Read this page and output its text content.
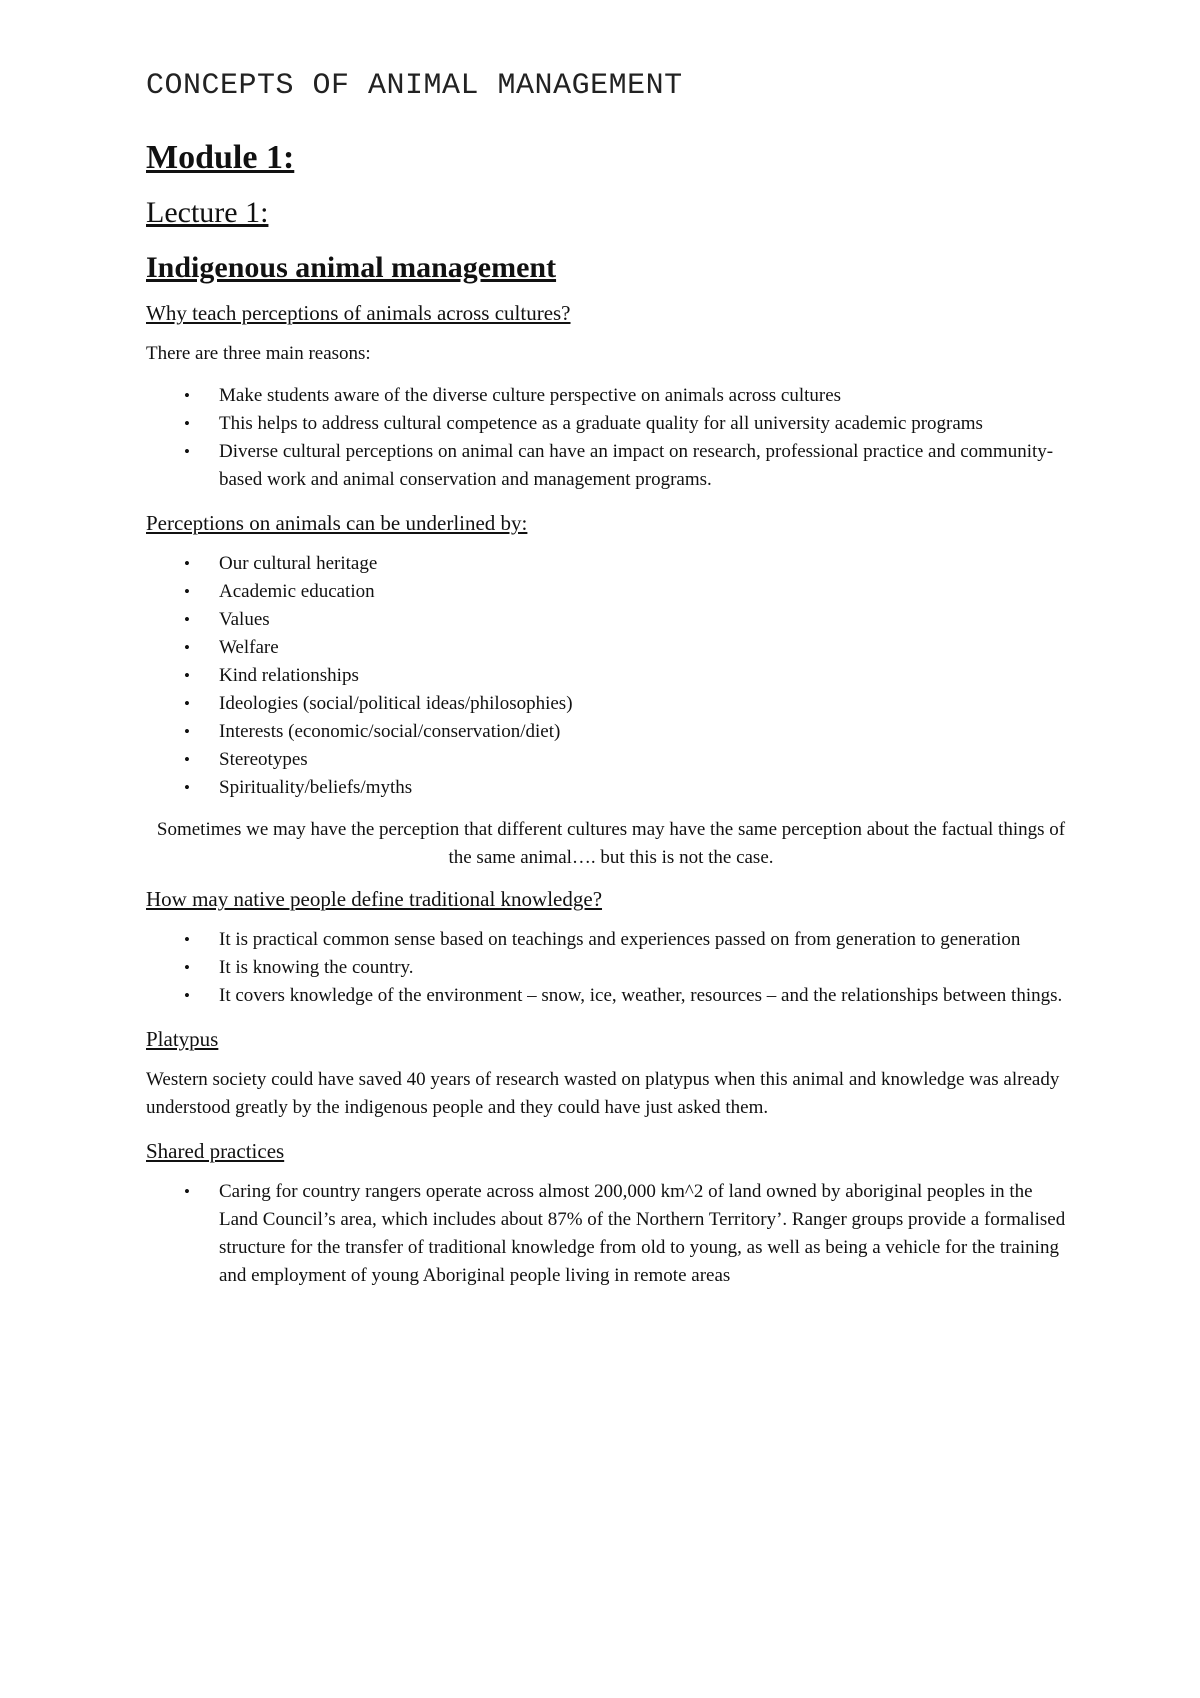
CONCEPTS OF ANIMAL MANAGEMENT
Module 1:
Lecture 1:
Indigenous animal management
Why teach perceptions of animals across cultures?
There are three main reasons:
• Make students aware of the diverse culture perspective on animals across cultures
• This helps to address cultural competence as a graduate quality for all university academic programs
• Diverse cultural perceptions on animal can have an impact on research, professional practice and community-based work and animal conservation and management programs.
Perceptions on animals can be underlined by:
• Our cultural heritage
• Academic education
• Values
• Welfare
• Kind relationships
• Ideologies (social/political ideas/philosophies)
• Interests (economic/social/conservation/diet)
• Stereotypes
• Spirituality/beliefs/myths
Sometimes we may have the perception that different cultures may have the same perception about the factual things of the same animal…. but this is not the case.
How may native people define traditional knowledge?
• It is practical common sense based on teachings and experiences passed on from generation to generation
• It is knowing the country.
• It covers knowledge of the environment – snow, ice, weather, resources – and the relationships between things.
Platypus
Western society could have saved 40 years of research wasted on platypus when this animal and knowledge was already understood greatly by the indigenous people and they could have just asked them.
Shared practices
• Caring for country rangers operate across almost 200,000 km^2 of land owned by aboriginal peoples in the Land Council’s area, which includes about 87% of the Northern Territory’. Ranger groups provide a formalised structure for the transfer of traditional knowledge from old to young, as well as being a vehicle for the training and employment of young Aboriginal people living in remote areas
